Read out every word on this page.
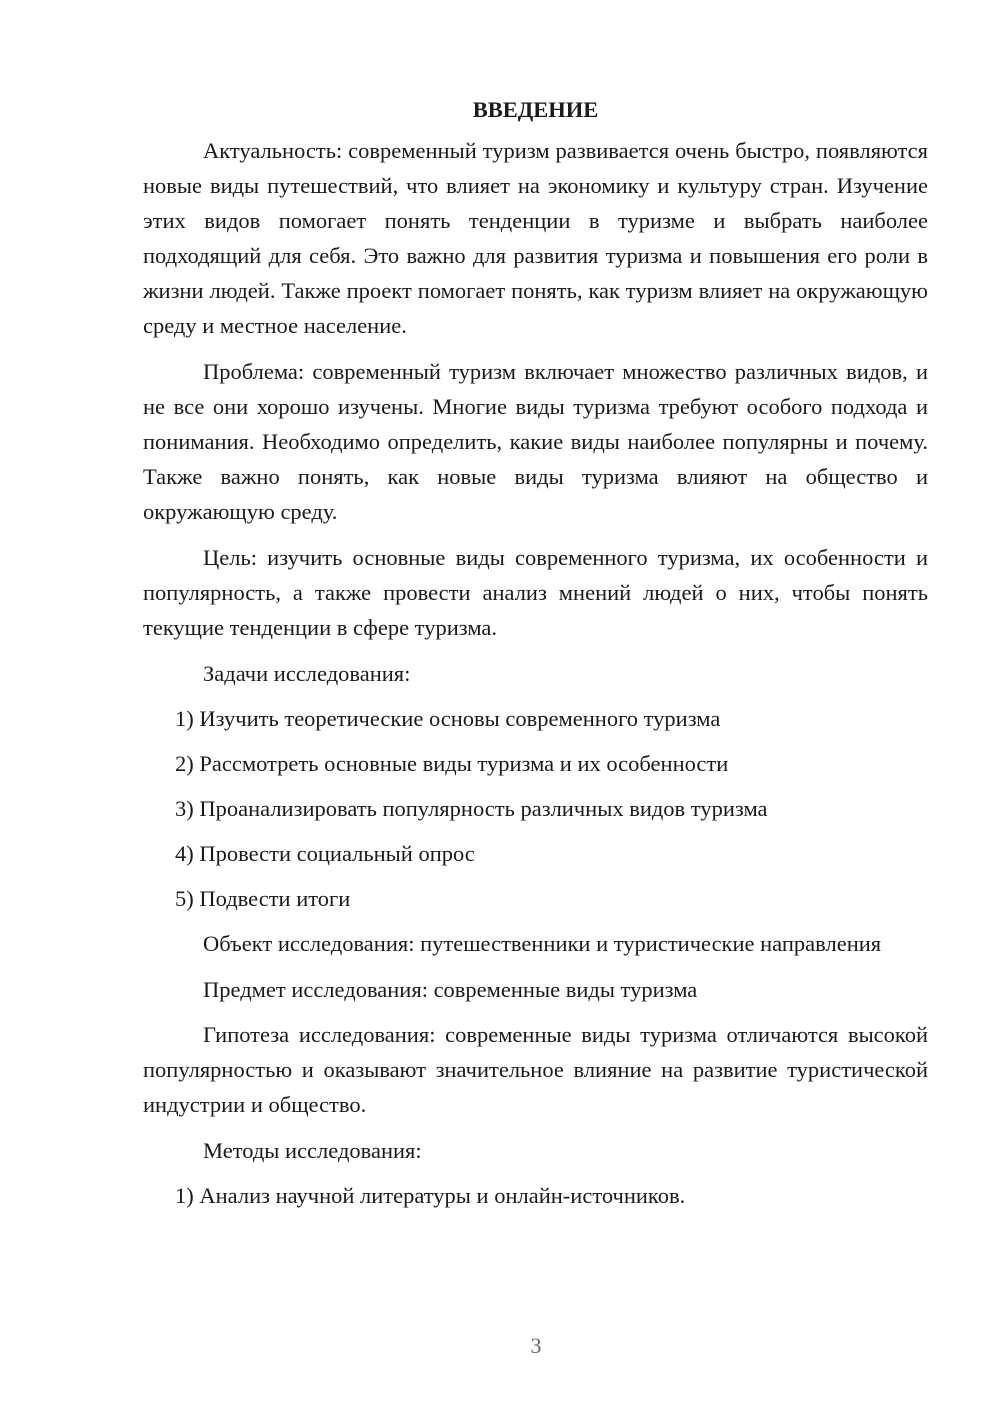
ВВЕДЕНИЕ

Актуальность: современный туризм развивается очень быстро, появляются новые виды путешествий, что влияет на экономику и культуру стран. Изучение этих видов помогает понять тенденции в туризме и выбрать наиболее подходящий для себя. Это важно для развития туризма и повышения его роли в жизни людей. Также проект помогает понять, как туризм влияет на окружающую среду и местное население.

Проблема: современный туризм включает множество различных видов, и не все они хорошо изучены. Многие виды туризма требуют особого подхода и понимания. Необходимо определить, какие виды наиболее популярны и почему. Также важно понять, как новые виды туризма влияют на общество и окружающую среду.

Цель: изучить основные виды современного туризма, их особенности и популярность, а также провести анализ мнений людей о них, чтобы понять текущие тенденции в сфере туризма.

Задачи исследования:
1) Изучить теоретические основы современного туризма
2) Рассмотреть основные виды туризма и их особенности
3) Проанализировать популярность различных видов туризма
4) Провести социальный опрос
5) Подвести итоги

Объект исследования: путешественники и туристические направления

Предмет исследования: современные виды туризма

Гипотеза исследования: современные виды туризма отличаются высокой популярностью и оказывают значительное влияние на развитие туристической индустрии и общество.

Методы исследования:
1) Анализ научной литературы и онлайн-источников.
3
